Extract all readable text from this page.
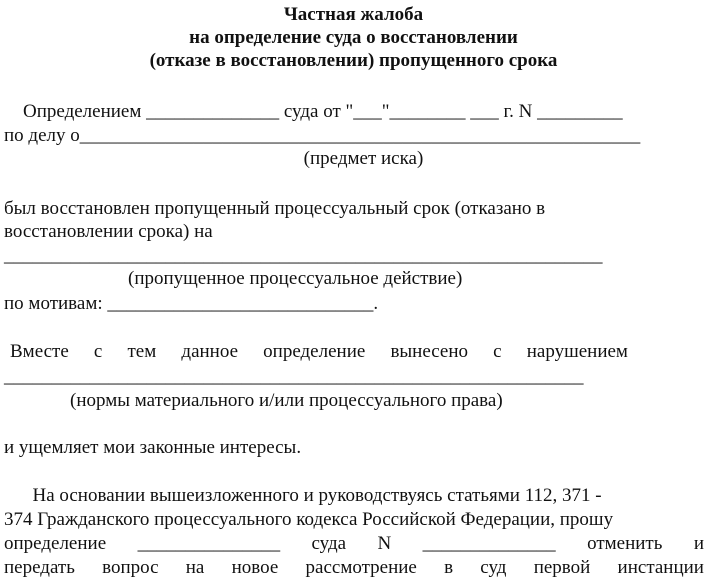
Частная жалоба
на определение суда о восстановлении
(отказе в восстановлении) пропущенного срока
Определением ______________ суда от "___"________ ___ г. N _________
по делу о___________________________________________________________
(предмет иска)
был восстановлен пропущенный процессуальный срок (отказано в
восстановлении срока) на
_______________________________________________________________
(пропущенное процессуальное действие)
по мотивам: ____________________________.
Вместе с тем данное определение вынесено с нарушением
_____________________________________________________________
(нормы материального и/или процессуального права)
и ущемляет мои законные интересы.
На основании вышеизложенного и руководствуясь статьями 112, 371 -
374 Гражданского процессуального кодекса Российской Федерации, прошу
определение _______________ суда N ______________ отменить и
передать вопрос на новое рассмотрение в суд первой инстанции
